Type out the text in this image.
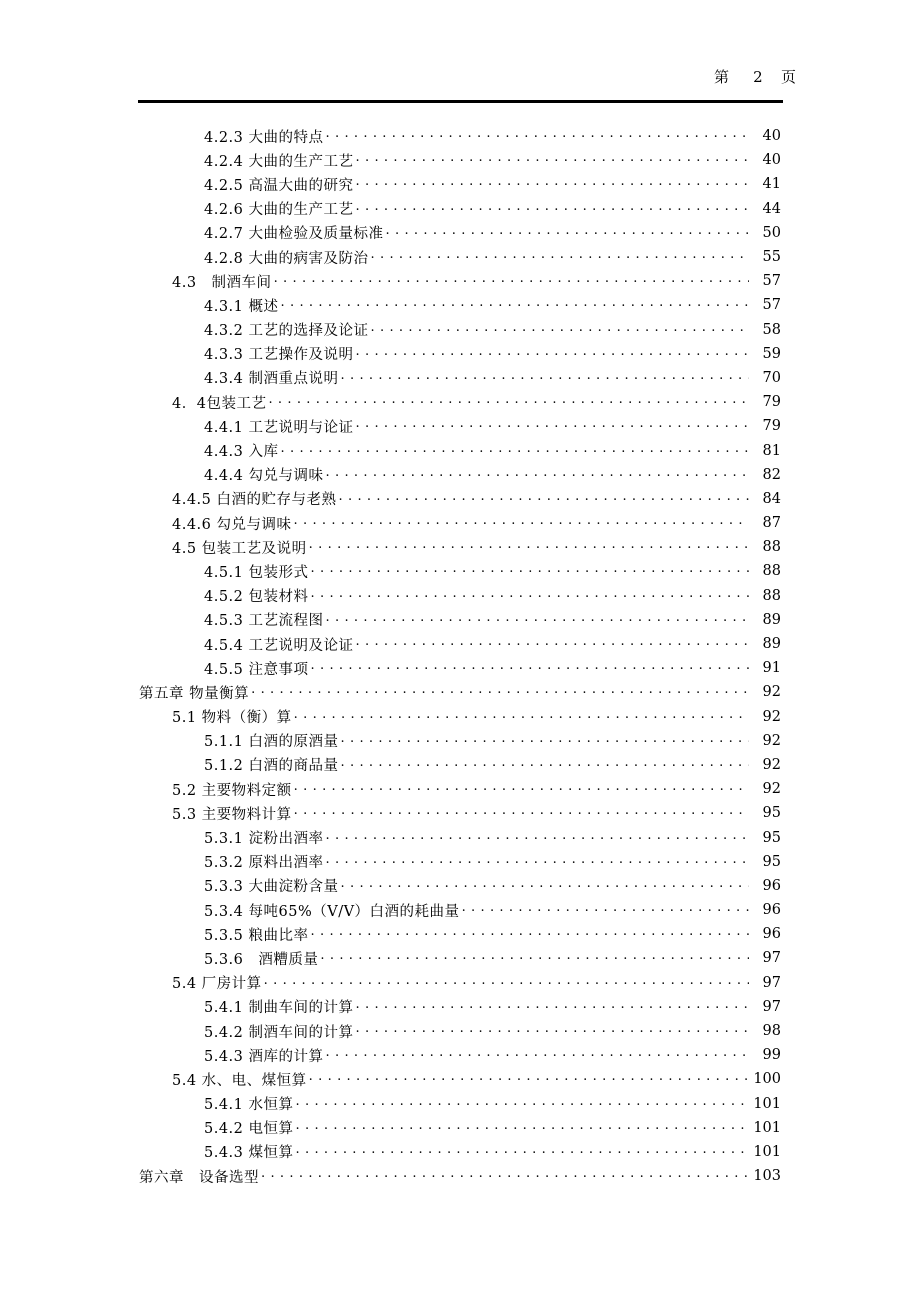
第 2 页
4.2.3 大曲的特点 . . .	40
4.2.4 大曲的生产工艺 . . .	40
4.2.5 高温大曲的研究 . . .	41
4.2.6 大曲的生产工艺 . . .	44
4.2.7 大曲检验及质量标准 . . .	50
4.2.8 大曲的病害及防治 . . .	55
4.3　制酒车间 . . .	57
4.3.1 概述 . . .	57
4.3.2 工艺的选择及论证 . . .	58
4.3.3 工艺操作及说明 . . .	59
4.3.4 制酒重点说明 . . .	70
4．4包装工艺 . . .	79
4.4.1 工艺说明与论证 . . .	79
4.4.3 入库 . . .	81
4.4.4 勾兑与调味 . . .	82
4.4.5 白酒的贮存与老熟 . . .	84
4.4.6 勾兑与调味 . . .	87
4.5 包装工艺及说明 . . .	88
4.5.1 包装形式 . . .	88
4.5.2 包装材料 . . .	88
4.5.3 工艺流程图 . . .	89
4.5.4 工艺说明及论证 . . .	89
4.5.5 注意事项 . . .	91
第五章 物量衡算 . . .	92
5.1 物料（衡）算 . . .	92
5.1.1 白酒的原酒量 . . .	92
5.1.2 白酒的商品量 . . .	92
5.2 主要物料定额 . . .	92
5.3 主要物料计算 . . .	95
5.3.1 淀粉出酒率 . . .	95
5.3.2 原料出酒率 . . .	95
5.3.3 大曲淀粉含量 . . .	96
5.3.4 每吨65%（V/V）白酒的耗曲量 . . .	96
5.3.5 粮曲比率 . . .	96
5.3.6　酒糟质量 . . .	97
5.4 厂房计算 . . .	97
5.4.1 制曲车间的计算 . . .	97
5.4.2 制酒车间的计算 . . .	98
5.4.3 酒库的计算 . . .	99
5.4 水、电、煤恒算 . . .	100
5.4.1 水恒算 . . .	101
5.4.2 电恒算 . . .	101
5.4.3 煤恒算 . . .	101
第六章　设备选型 . . .	103
